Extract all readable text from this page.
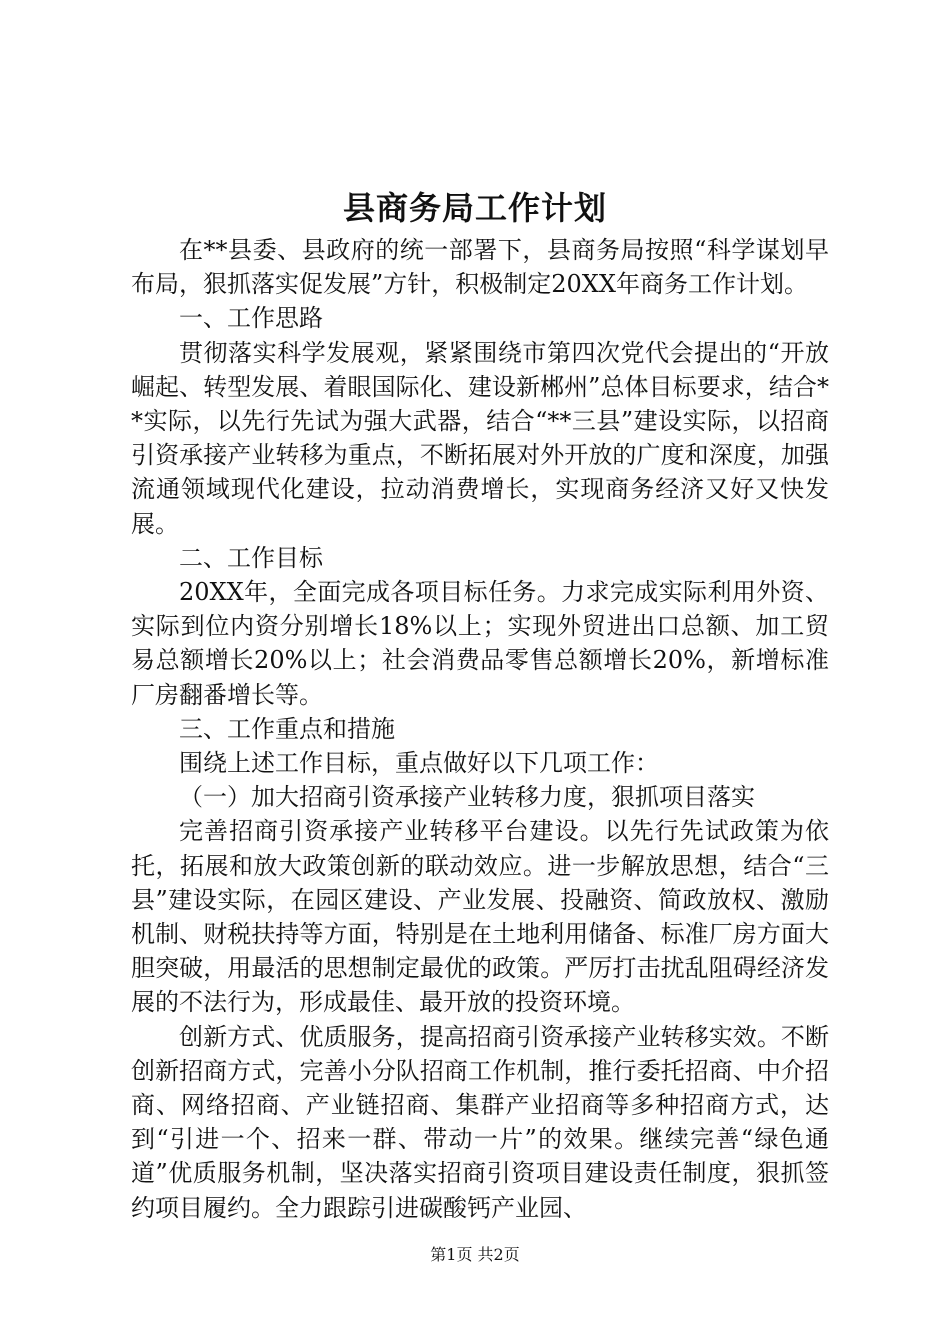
县商务局工作计划

在**县委、县政府的统一部署下，县商务局按照“科学谋划早布局，狠抓落实促发展”方针，积极制定20XX年商务工作计划。

一、工作思路

贯彻落实科学发展观，紧紧围绕市第四次党代会提出的“开放崛起、转型发展、着眼国际化、建设新郴州”总体目标要求，结合**实际，以先行先试为强大武器，结合“**三县”建设实际，以招商引资承接产业转移为重点，不断拓展对外开放的广度和深度，加强流通领域现代化建设，拉动消费增长，实现商务经济又好又快发展。

二、工作目标

20XX年，全面完成各项目标任务。力求完成实际利用外资、实际到位内资分别增长18%以上；实现外贸进出口总额、加工贸易总额增长20%以上；社会消费品零售总额增长20%，新增标准厂房翻番增长等。

三、工作重点和措施

围绕上述工作目标，重点做好以下几项工作：

（一）加大招商引资承接产业转移力度，狠抓项目落实

完善招商引资承接产业转移平台建设。以先行先试政策为依托，拓展和放大政策创新的联动效应。进一步解放思想，结合“三县”建设实际，在园区建设、产业发展、投融资、简政放权、激励机制、财税扶持等方面，特别是在土地利用储备、标准厂房方面大胆突破，用最活的思想制定最优的政策。严厉打击扰乱阻碍经济发展的不法行为，形成最佳、最开放的投资环境。

创新方式、优质服务，提高招商引资承接产业转移实效。不断创新招商方式，完善小分队招商工作机制，推行委托招商、中介招商、网络招商、产业链招商、集群产业招商等多种招商方式，达到“引进一个、招来一群、带动一片”的效果。继续完善“绿色通道”优质服务机制，坚决落实招商引资项目建设责任制度，狠抓签约项目履约。全力跟踪引进碳酸钙产业园、

第1页 共2页
